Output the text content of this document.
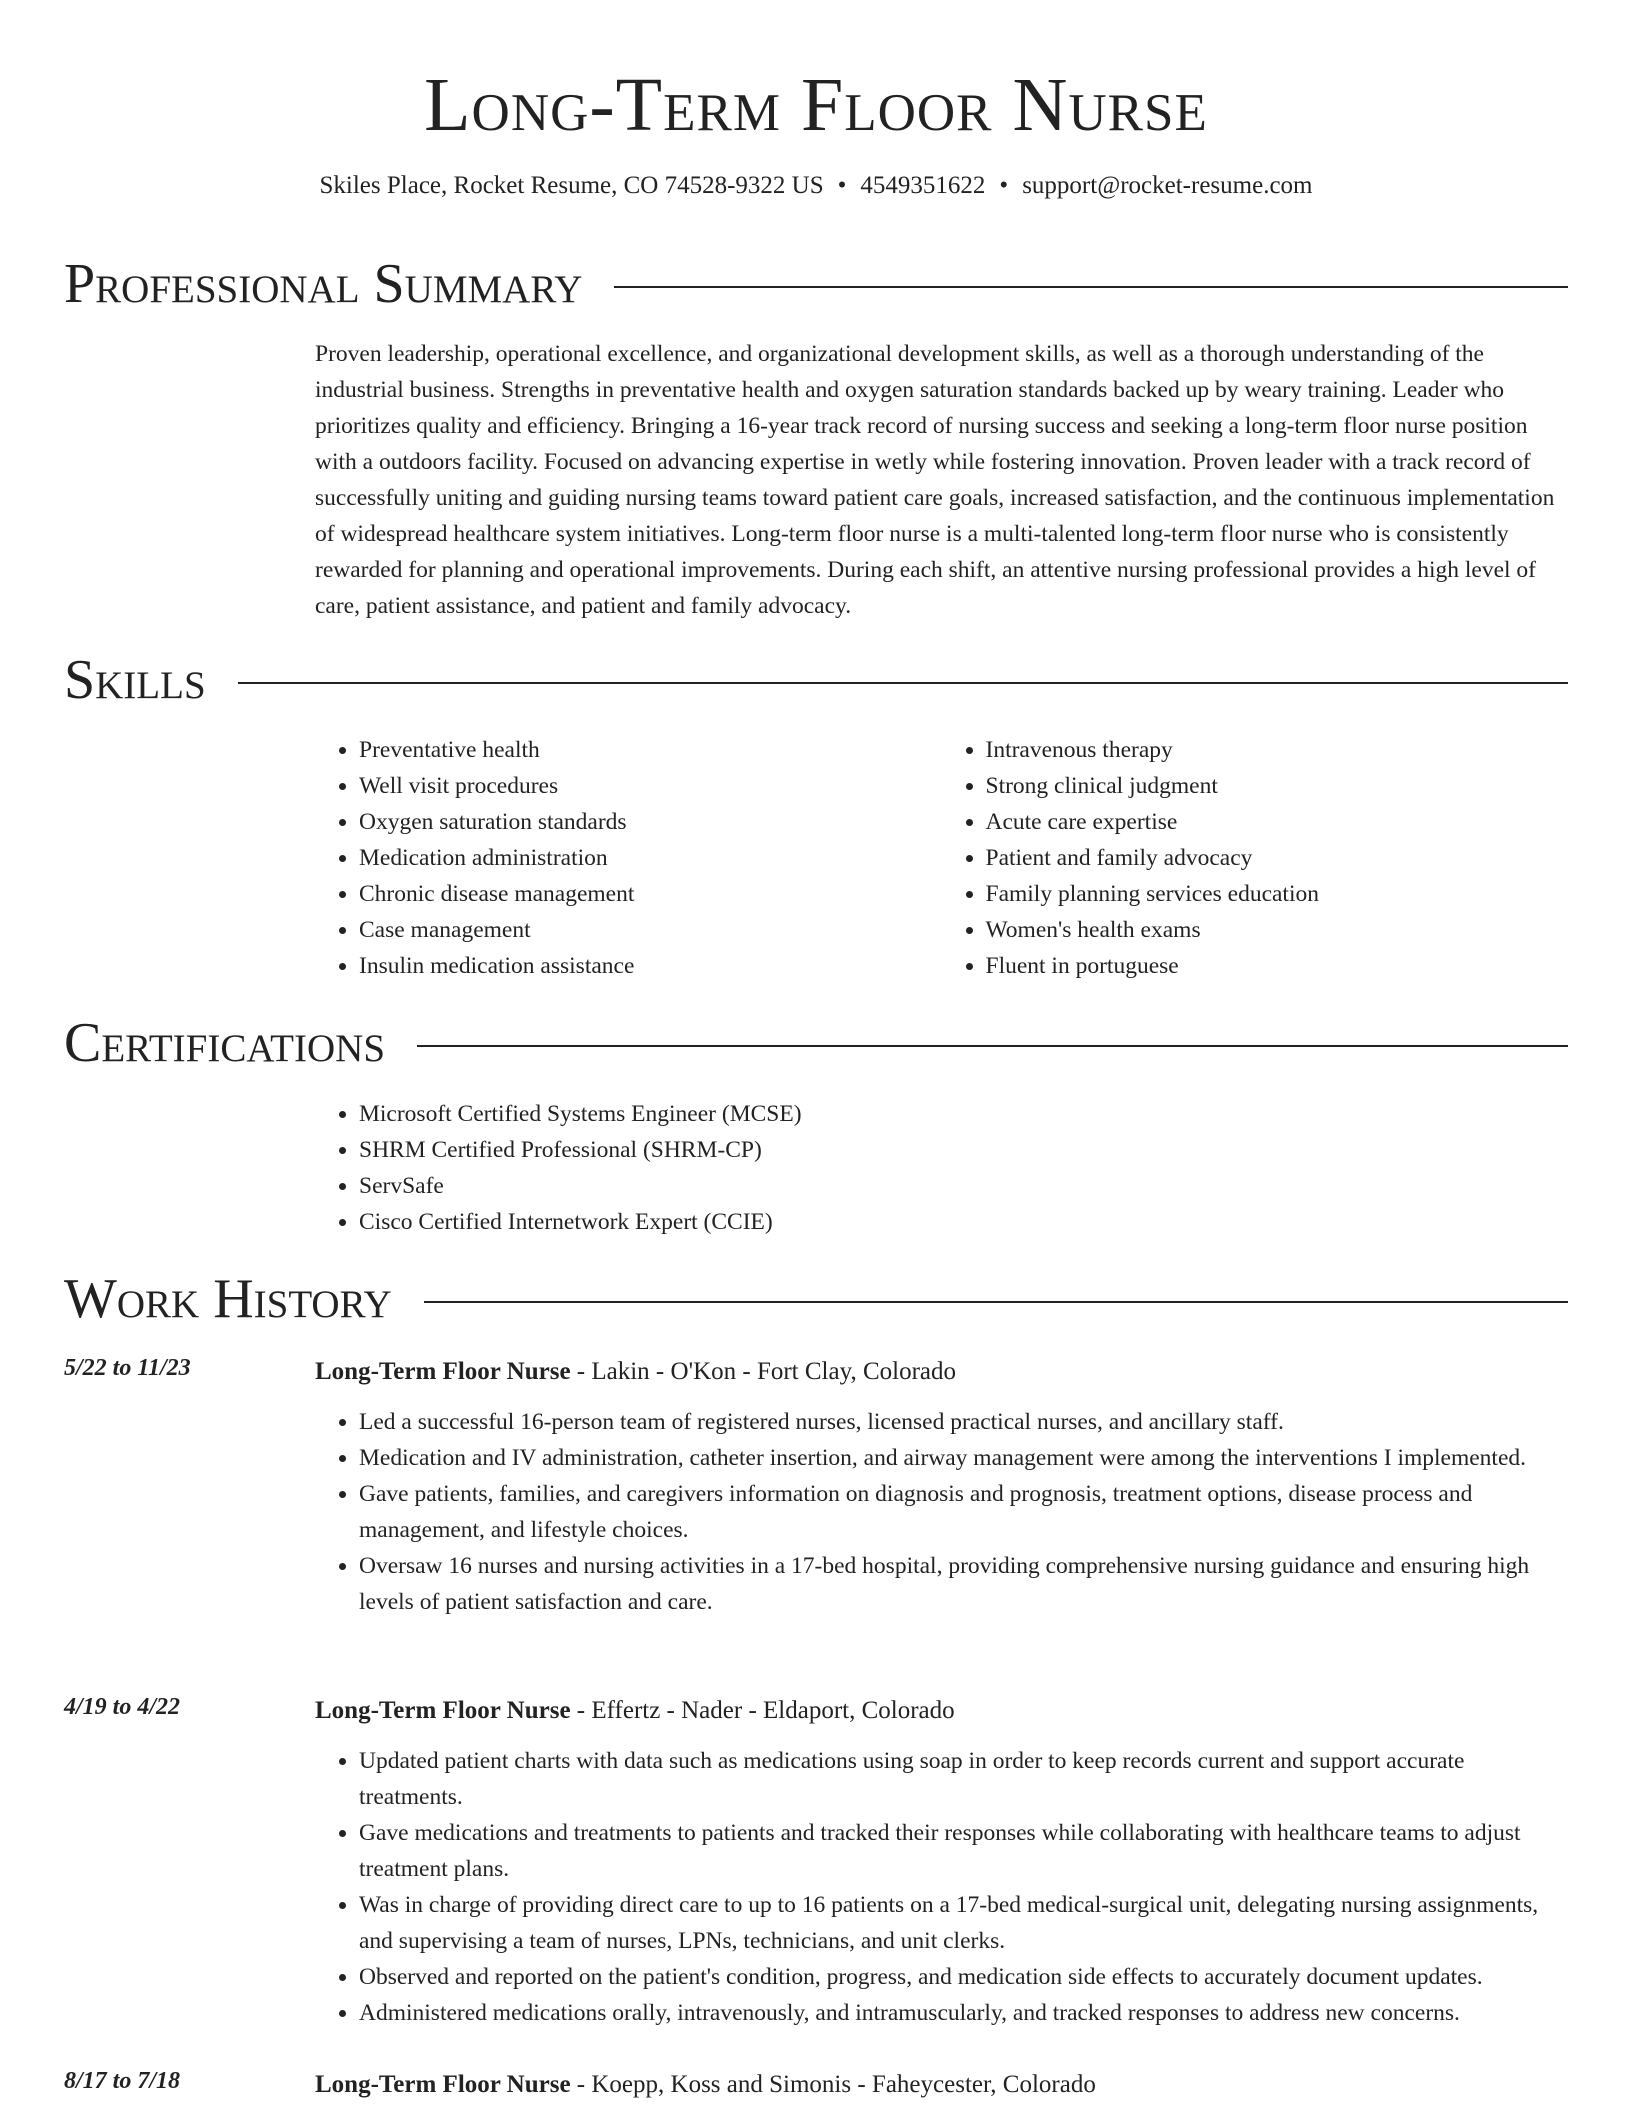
Long-Term Floor Nurse
Skiles Place, Rocket Resume, CO 74528-9322 US • 4549351622 • support@rocket-resume.com
Professional Summary

Proven leadership, operational excellence, and organizational development skills, as well as a thorough understanding of the industrial business. Strengths in preventative health and oxygen saturation standards backed up by weary training. Leader who prioritizes quality and efficiency. Bringing a 16-year track record of nursing success and seeking a long-term floor nurse position with a outdoors facility. Focused on advancing expertise in wetly while fostering innovation. Proven leader with a track record of successfully uniting and guiding nursing teams toward patient care goals, increased satisfaction, and the continuous implementation of widespread healthcare system initiatives. Long-term floor nurse is a multi-talented long-term floor nurse who is consistently rewarded for planning and operational improvements. During each shift, an attentive nursing professional provides a high level of care, patient assistance, and patient and family advocacy.

Skills
• Preventative health
• Well visit procedures
• Oxygen saturation standards
• Medication administration
• Chronic disease management
• Case management
• Insulin medication assistance
• Intravenous therapy
• Strong clinical judgment
• Acute care expertise
• Patient and family advocacy
• Family planning services education
• Women's health exams
• Fluent in portuguese
Certifications
• Microsoft Certified Systems Engineer (MCSE)
• SHRM Certified Professional (SHRM-CP)
• ServSafe
• Cisco Certified Internetwork Expert (CCIE)
Work History
5/22 to 11/23	Long-Term Floor Nurse - Lakin - O'Kon - Fort Clay, Colorado
• Led a successful 16-person team of registered nurses, licensed practical nurses, and ancillary staff.
• Medication and IV administration, catheter insertion, and airway management were among the interventions I implemented.
• Gave patients, families, and caregivers information on diagnosis and prognosis, treatment options, disease process and management, and lifestyle choices.
• Oversaw 16 nurses and nursing activities in a 17-bed hospital, providing comprehensive nursing guidance and ensuring high levels of patient satisfaction and care.
4/19 to 4/22	Long-Term Floor Nurse - Effertz - Nader - Eldaport, Colorado
• Updated patient charts with data such as medications using soap in order to keep records current and support accurate treatments.
• Gave medications and treatments to patients and tracked their responses while collaborating with healthcare teams to adjust treatment plans.
• Was in charge of providing direct care to up to 16 patients on a 17-bed medical-surgical unit, delegating nursing assignments, and supervising a team of nurses, LPNs, technicians, and unit clerks.
• Observed and reported on the patient's condition, progress, and medication side effects to accurately document updates.
• Administered medications orally, intravenously, and intramuscularly, and tracked responses to address new concerns.
8/17 to 7/18	Long-Term Floor Nurse - Koepp, Koss and Simonis - Faheycester, Colorado
